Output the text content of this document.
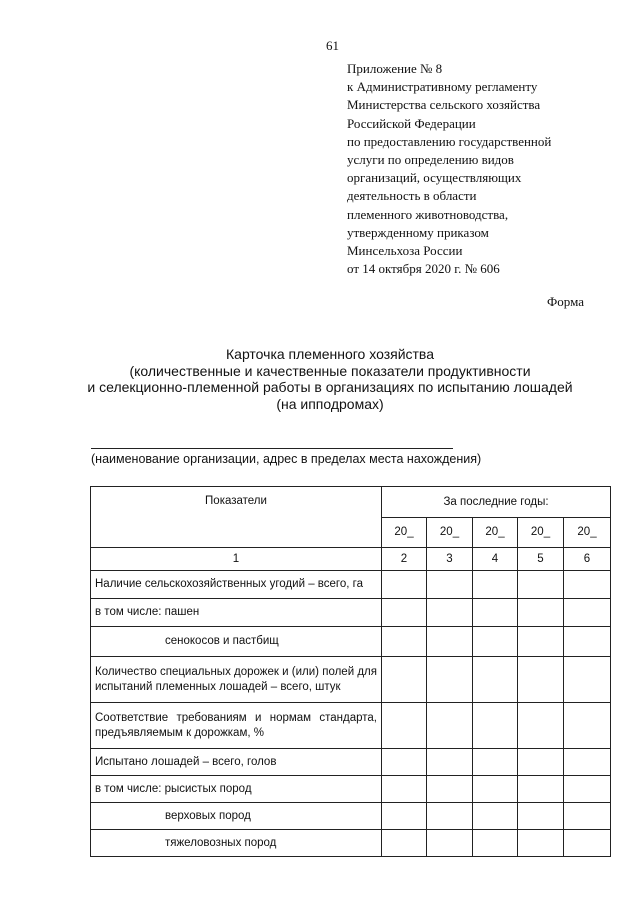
61
Приложение № 8
к Административному регламенту
Министерства сельского хозяйства
Российской Федерации
по предоставлению государственной
услуги по определению видов
организаций, осуществляющих
деятельность в области
племенного животноводства,
утвержденному приказом
Минсельхоза России
от 14 октября 2020 г. № 606
Форма
Карточка племенного хозяйства
(количественные и качественные показатели продуктивности
и селекционно-племенной работы в организациях по испытанию лошадей
(на ипподромах)
(наименование организации, адрес в пределах места нахождения)
Показатели	За последние годы:				
	20_	20_	20_	20_	20_
1	2	3	4	5	6
Наличие сельскохозяйственных угодий – всего, га					
в том числе: пашен					
сенокосов и пастбищ					
Количество специальных дорожек и (или) полей для испытаний племенных лошадей – всего, штук					
Соответствие требованиям и нормам стандарта, предъявляемым к дорожкам, %					
Испытано лошадей – всего, голов					
в том числе: рысистых пород					
верховых пород					
тяжеловозных пород					
